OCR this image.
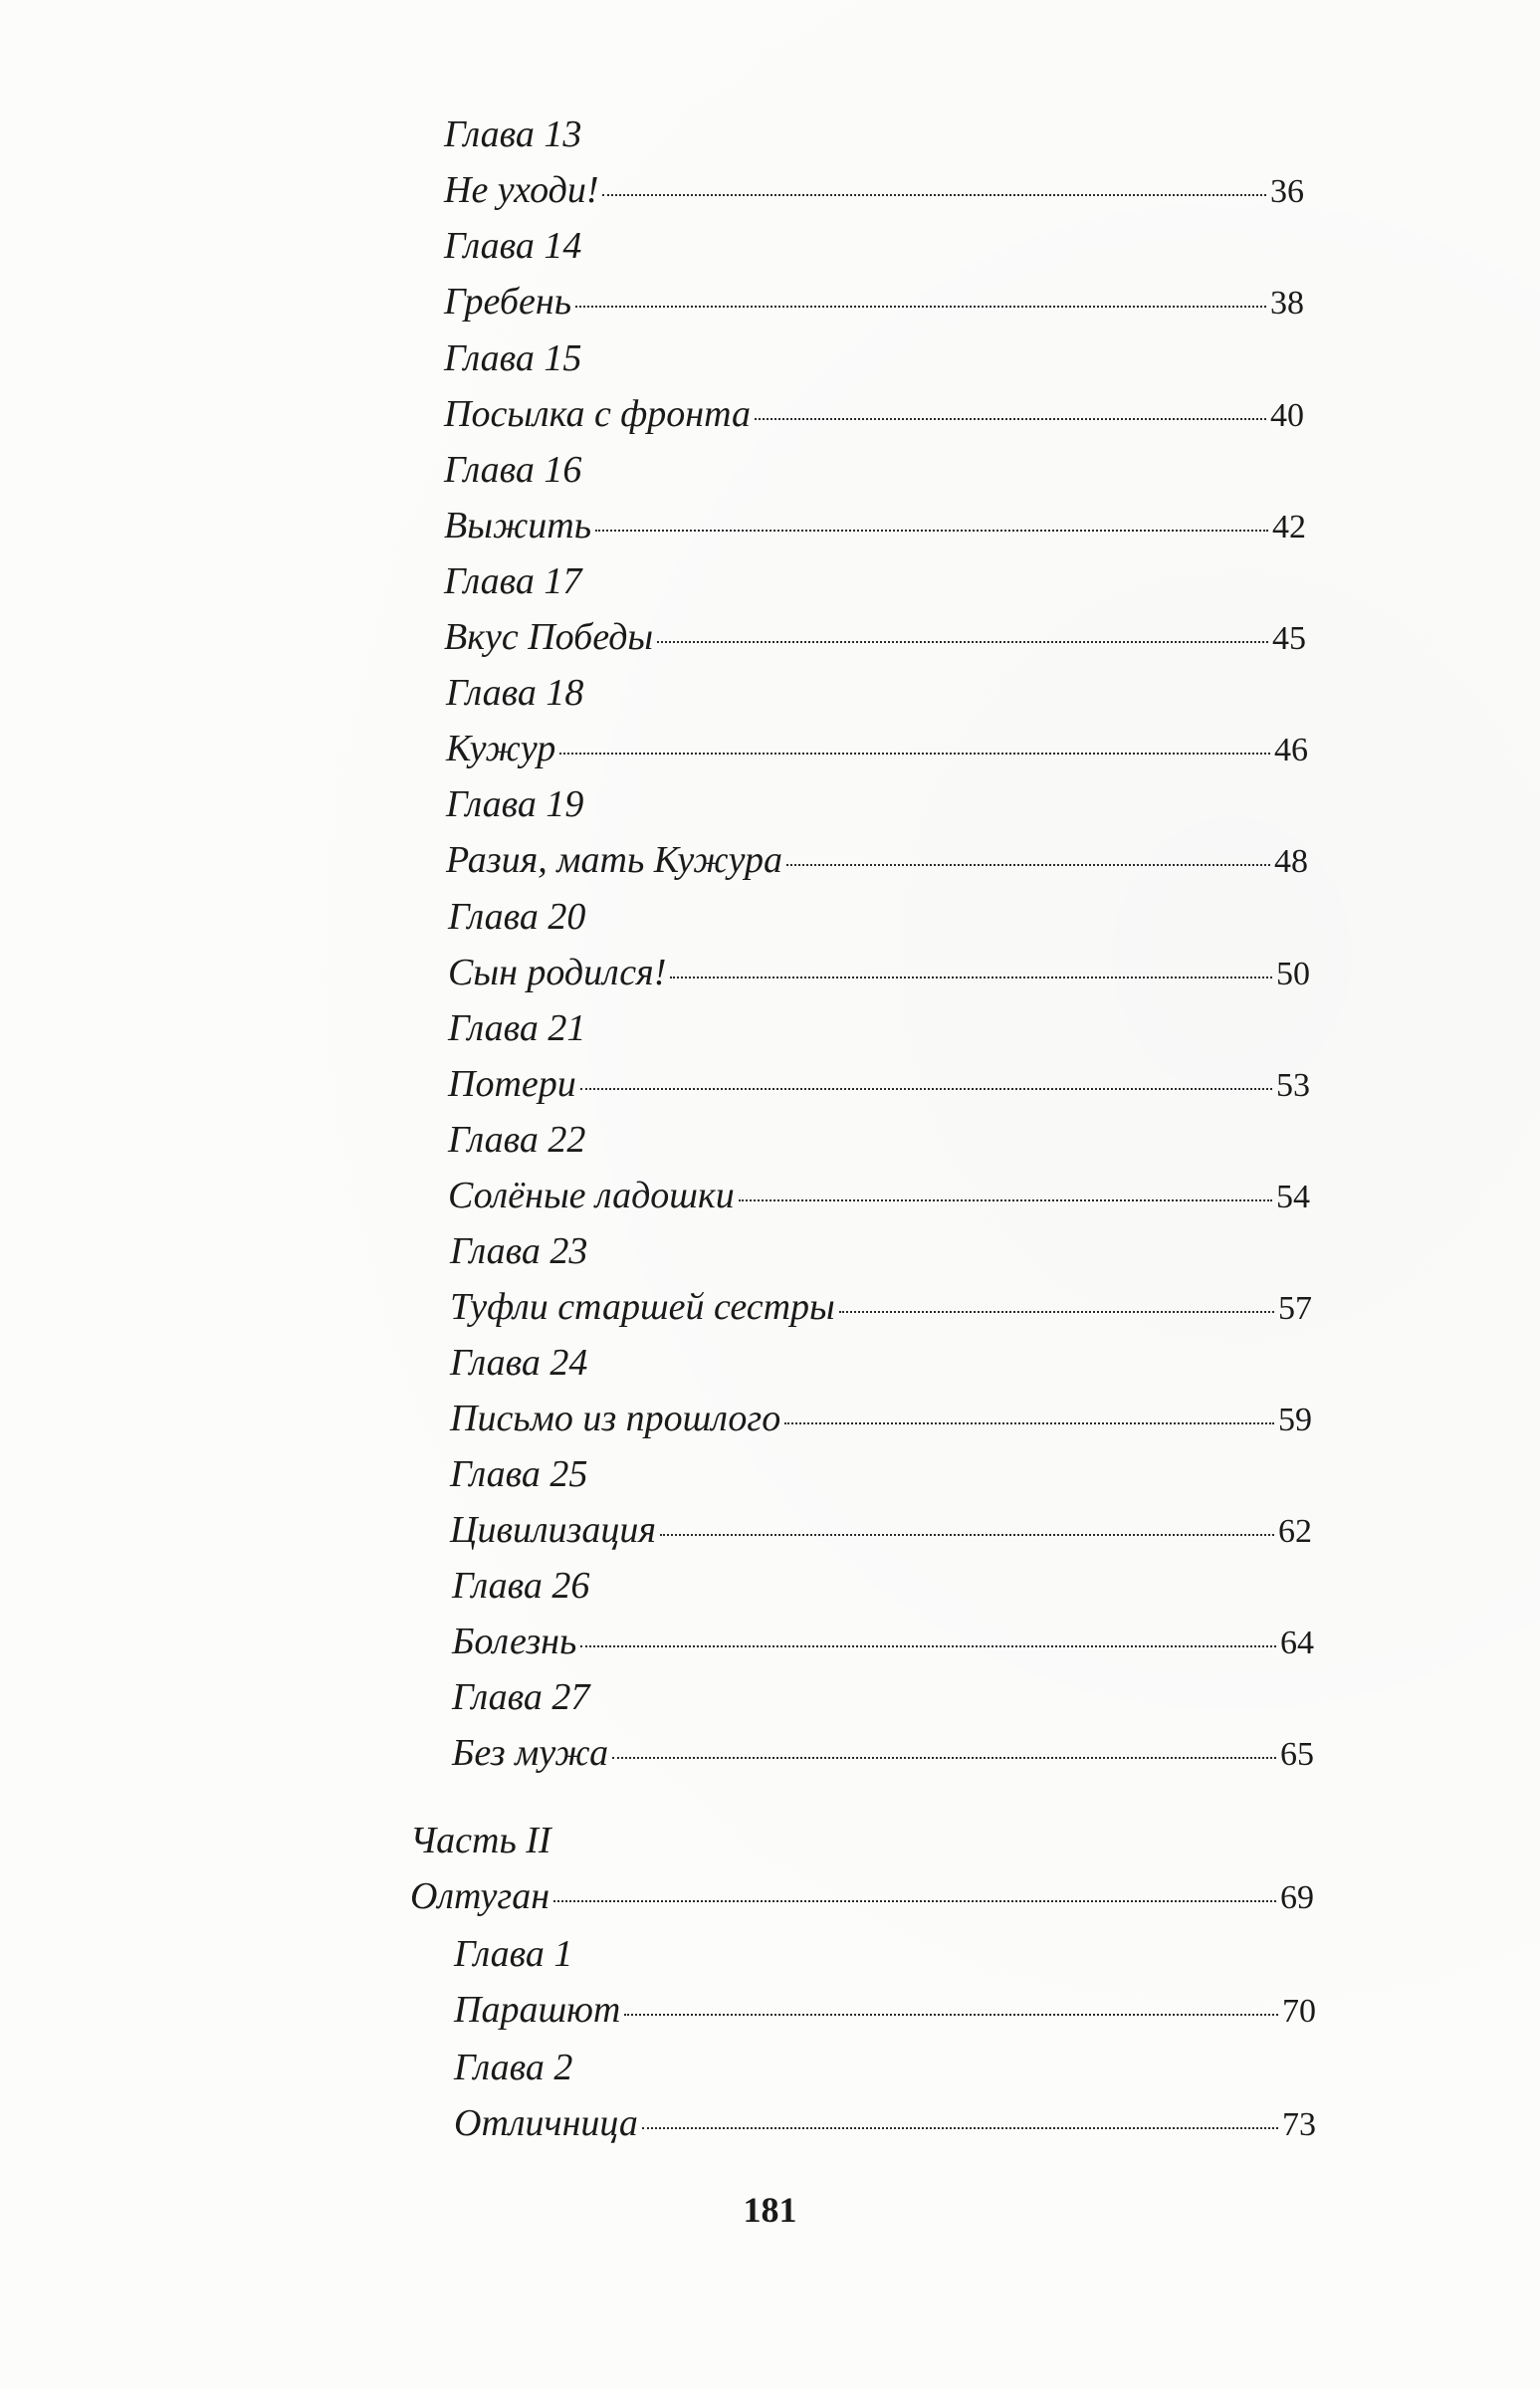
Глава 13
Не уходи!	36
Глава 14
Гребень	38
Глава 15
Посылка с фронта	40
Глава 16
Выжить	42
Глава 17
Вкус Победы	45
Глава 18
Кужур	46
Глава 19
Разия, мать Кужура	48
Глава 20
Сын родился!	50
Глава 21
Потери	53
Глава 22
Солёные ладошки	54
Глава 23
Туфли старшей сестры	57
Глава 24
Письмо из прошлого	59
Глава 25
Цивилизация	62
Глава 26
Болезнь	64
Глава 27
Без мужа	65
Часть II
Олтуган	69
Глава 1
Парашют	70
Глава 2
Отличница	73
181
